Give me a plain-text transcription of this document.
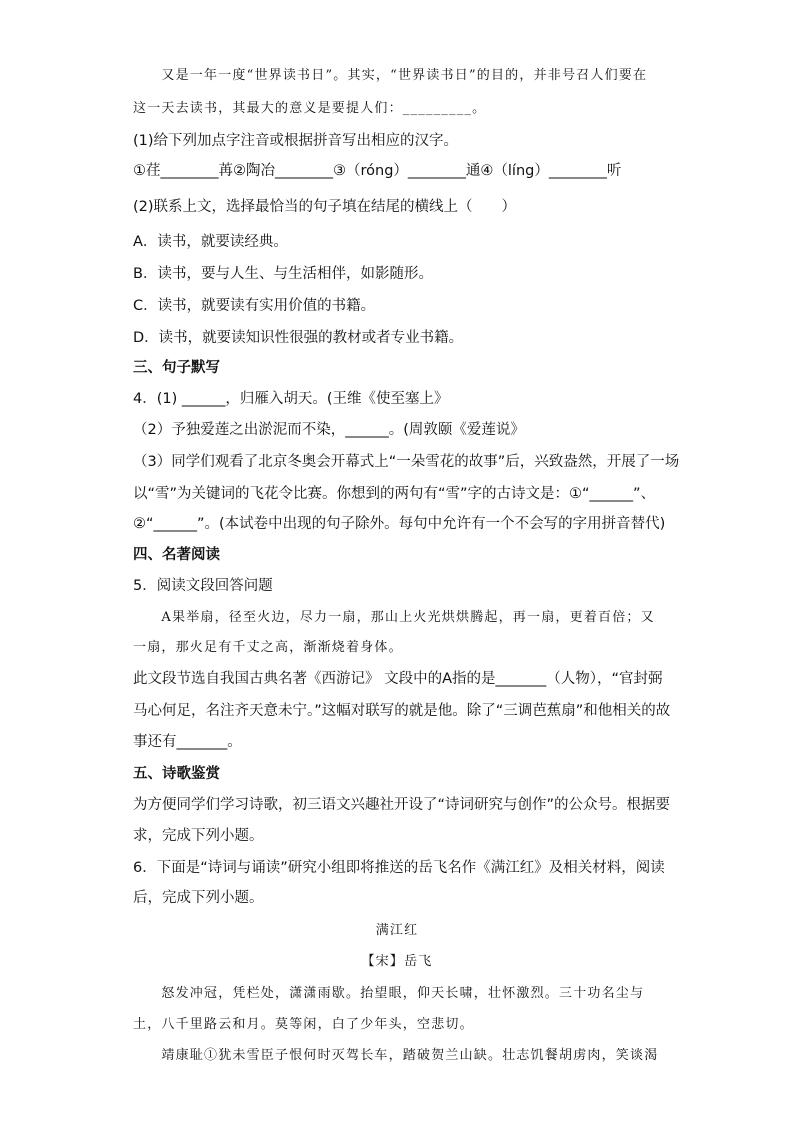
　　又是一年一度“世界读书日”。其实，“世界读书日”的目的，并非号召人们要在
这一天去读书，其最大的意义是要提人们：_________。
(1)给下列加点字注音或根据拼音写出相应的汉字。
①荏________苒②陶冶________③（róng）________通④（líng）________听
(2)联系上文，选择最恰当的句子填在结尾的横线上（　　）
A．读书，就要读经典。
B．读书，要与人生、与生活相伴，如影随形。
C．读书，就要读有实用价值的书籍。
D．读书，就要读知识性很强的教材或者专业书籍。
三、句子默写
4．(1) ______，归雁入胡天。(王维《使至塞上》
（2）予独爱莲之出淤泥而不染，______。(周敦颐《爱莲说》
（3）同学们观看了北京冬奥会开幕式上“一朵雪花的故事”后，兴致盎然，开展了一场
以“雪”为关键词的飞花令比赛。你想到的两句有“雪”字的古诗文是：①“______”、
②“______”。(本试卷中出现的句子除外。每句中允许有一个不会写的字用拼音替代)
四、名著阅读
5．阅读文段回答问题
　　A果举扇，径至火边，尽力一扇，那山上火光烘烘腾起，再一扇，更着百倍；又
一扇，那火足有千丈之高，渐渐烧着身体。
此文段节选自我国古典名著《西游记》 文段中的A指的是_______（人物），“官封弼
马心何足，名注齐天意未宁。”这幅对联写的就是他。除了“三调芭蕉扇”和他相关的故
事还有_______。
五、诗歌鉴赏
为方便同学们学习诗歌，初三语文兴趣社开设了“诗词研究与创作”的公众号。根据要
求，完成下列小题。
6．下面是“诗词与诵读”研究小组即将推送的岳飞名作《满江红》及相关材料，阅读
后，完成下列小题。
满江红
【宋】岳飞
　　怒发冲冠，凭栏处，潇潇雨歇。抬望眼，仰天长啸，壮怀激烈。三十功名尘与
土，八千里路云和月。莫等闲，白了少年头，空悲切。
　　靖康耻①犹未雪臣子恨何时灭驾长车，踏破贺兰山缺。壮志饥餐胡虏肉，笑谈渴
